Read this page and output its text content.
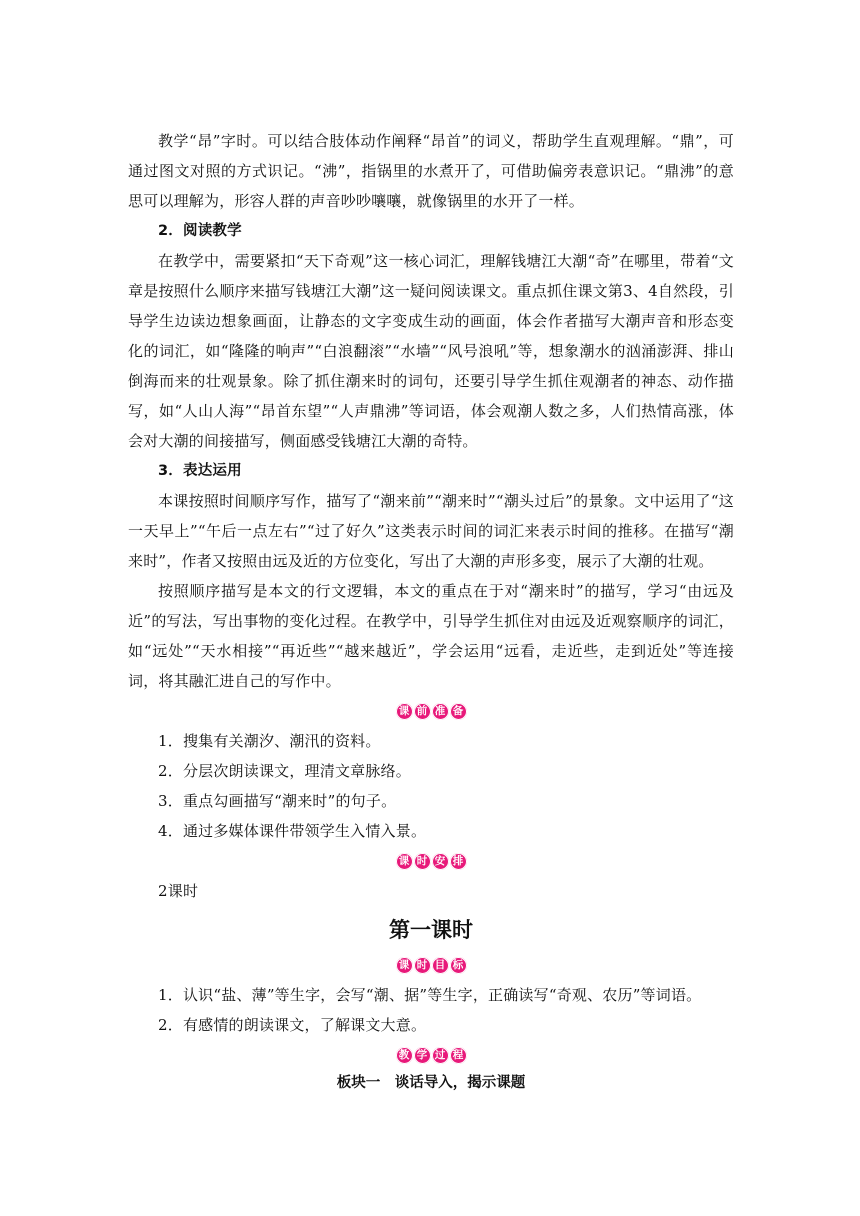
教学“昂”字时。可以结合肢体动作阐释“昂首”的词义，帮助学生直观理解。“鼎”，可通过图文对照的方式识记。“沸”，指锅里的水煮开了，可借助偏旁表意识记。“鼎沸”的意思可以理解为，形容人群的声音吵吵嚷嚷，就像锅里的水开了一样。

2．阅读教学

在教学中，需要紧扣“天下奇观”这一核心词汇，理解钱塘江大潮“奇”在哪里，带着“文章是按照什么顺序来描写钱塘江大潮”这一疑问阅读课文。重点抓住课文第3、4自然段，引导学生边读边想象画面，让静态的文字变成生动的画面，体会作者描写大潮声音和形态变化的词汇，如“隆隆的响声”“白浪翻滚”“水墙”“风号浪吼”等，想象潮水的汹涌澎湃、排山倒海而来的壮观景象。除了抓住潮来时的词句，还要引导学生抓住观潮者的神态、动作描写，如“人山人海”“昂首东望”“人声鼎沸”等词语，体会观潮人数之多，人们热情高涨，体会对大潮的间接描写，侧面感受钱塘江大潮的奇特。

3．表达运用

本课按照时间顺序写作，描写了“潮来前”“潮来时”“潮头过后”的景象。文中运用了“这一天早上”“午后一点左右”“过了好久”这类表示时间的词汇来表示时间的推移。在描写“潮来时”，作者又按照由远及近的方位变化，写出了大潮的声形多变，展示了大潮的壮观。

按照顺序描写是本文的行文逻辑，本文的重点在于对“潮来时”的描写，学习“由远及近”的写法，写出事物的变化过程。在教学中，引导学生抓住对由远及近观察顺序的词汇，如“远处”“天水相接”“再近些”“越来越近”，学会运用“远看，走近些，走到近处”等连接词，将其融汇进自己的写作中。

课 前 准 备

1．搜集有关潮汐、潮汛的资料。

2．分层次朗读课文，理清文章脉络。

3．重点勾画描写“潮来时”的句子。

4．通过多媒体课件带领学生入情入景。

课 时 安 排

2课时

第一课时
课 时 目 标

1．认识“盐、薄”等生字，会写“潮、据”等生字，正确读写“奇观、农历”等词语。

2．有感情的朗读课文，了解课文大意。

教 学 过 程
板块一　谈话导入，揭示课题
